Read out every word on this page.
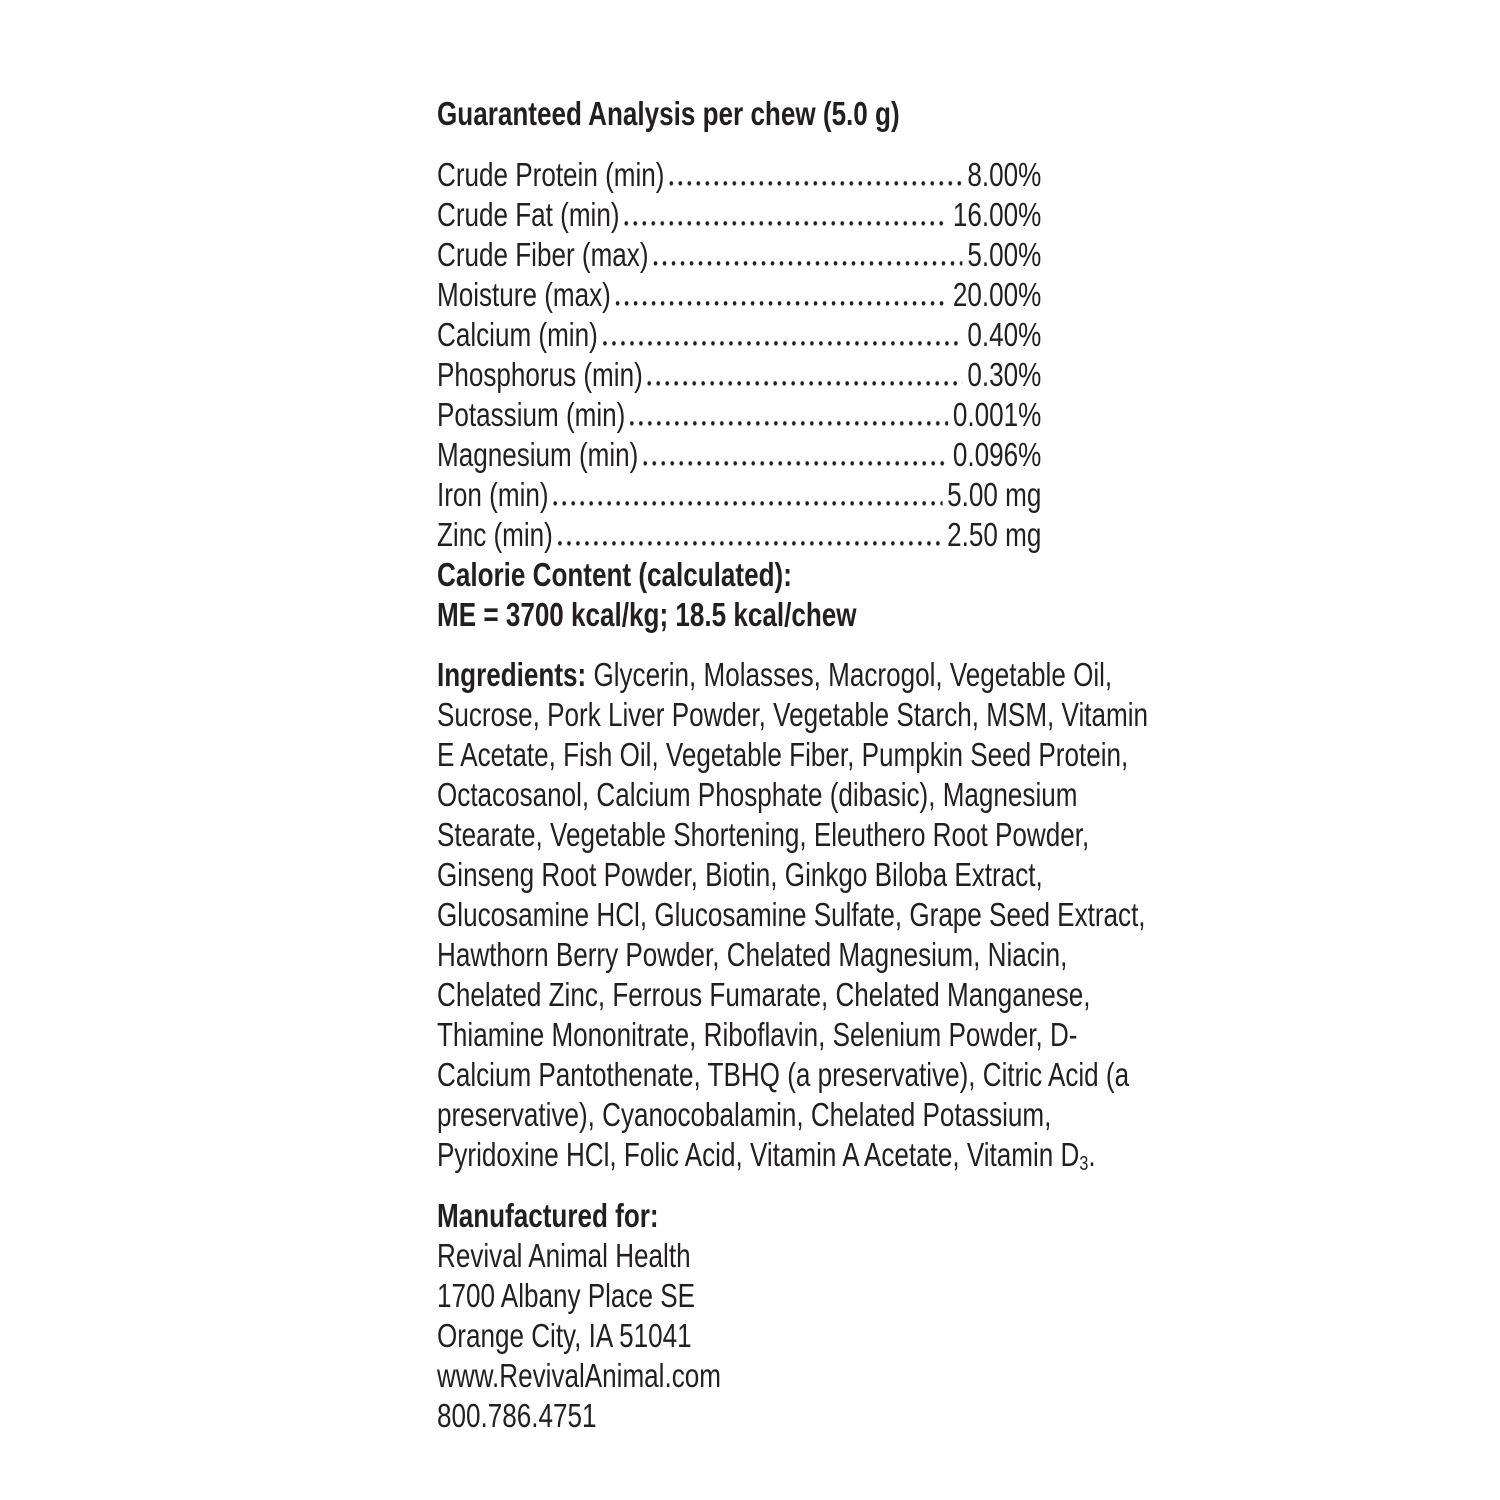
Guaranteed Analysis per chew (5.0 g)
Crude Protein (min)	8.00%
Crude Fat (min)	16.00%
Crude Fiber (max)	5.00%
Moisture (max)	20.00%
Calcium (min)	0.40%
Phosphorus (min)	0.30%
Potassium (min)	0.001%
Magnesium (min)	0.096%
Iron (min)	5.00 mg
Zinc (min)	2.50 mg
Calorie Content (calculated):
ME = 3700 kcal/kg; 18.5 kcal/chew

Ingredients: Glycerin, Molasses, Macrogol, Vegetable Oil, Sucrose, Pork Liver Powder, Vegetable Starch, MSM, Vitamin E Acetate, Fish Oil, Vegetable Fiber, Pumpkin Seed Protein, Octacosanol, Calcium Phosphate (dibasic), Magnesium Stearate, Vegetable Shortening, Eleuthero Root Powder, Ginseng Root Powder, Biotin, Ginkgo Biloba Extract, Glucosamine HCl, Glucosamine Sulfate, Grape Seed Extract, Hawthorn Berry Powder, Chelated Magnesium, Niacin, Chelated Zinc, Ferrous Fumarate, Chelated Manganese, Thiamine Mononitrate, Riboflavin, Selenium Powder, D-Calcium Pantothenate, TBHQ (a preservative), Citric Acid (a preservative), Cyanocobalamin, Chelated Potassium, Pyridoxine HCl, Folic Acid, Vitamin A Acetate, Vitamin $D_3$.

Manufactured for:
Revival Animal Health
1700 Albany Place SE
Orange City, IA 51041
www.RevivalAnimal.com
800.786.4751
